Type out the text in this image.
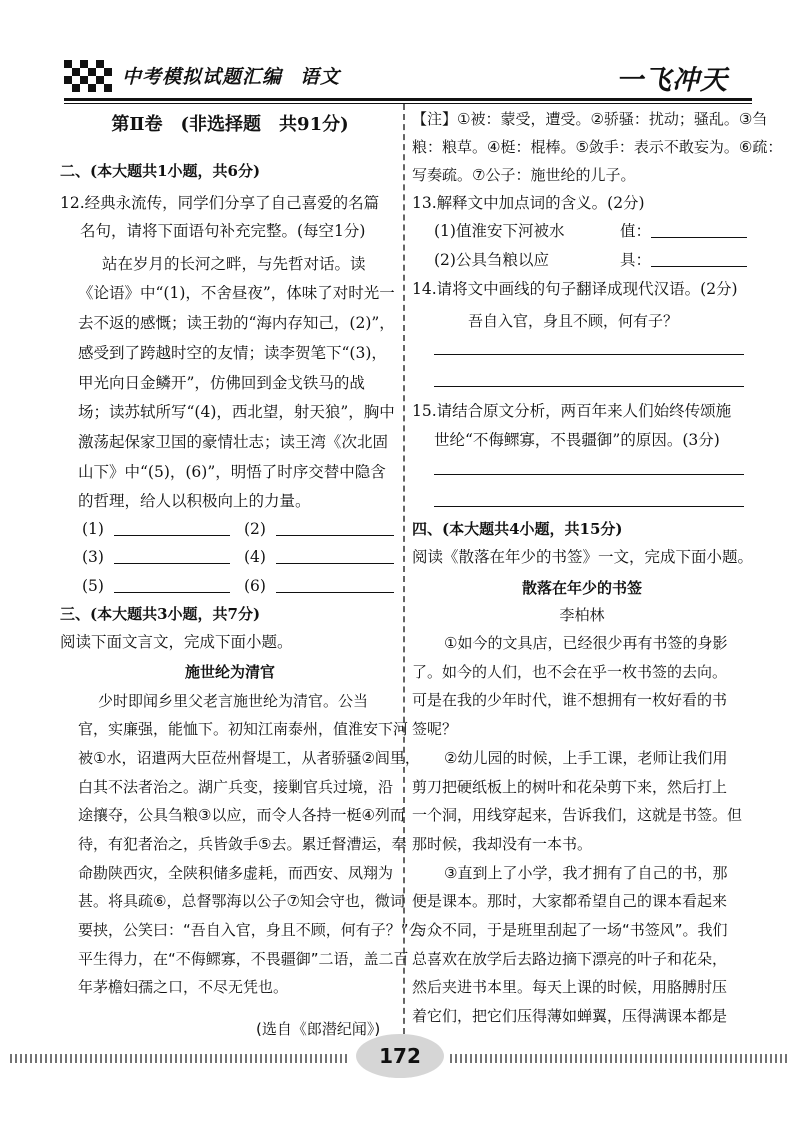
中考模拟试题汇编 语文	一飞冲天
第Ⅱ卷　(非选择题　共91分)
二、(本大题共1小题，共6分)
12.经典永流传，同学们分享了自己喜爱的名篇
名句，请将下面语句补充完整。(每空1分)
站在岁月的长河之畔，与先哲对话。读
《论语》中“(1)，不舍昼夜”，体味了对时光一
去不返的感慨；读王勃的“海内存知己，(2)”，
感受到了跨越时空的友情；读李贺笔下“(3)，
甲光向日金鳞开”，仿佛回到金戈铁马的战
场；读苏轼所写“(4)，西北望，射天狼”，胸中
激荡起保家卫国的豪情壮志；读王湾《次北固
山下》中“(5)，(6)”，明悟了时序交替中隐含
的哲理，给人以积极向上的力量。
(1)	(2)
(3)	(4)
(5)	(6)
三、(本大题共3小题，共7分)
阅读下面文言文，完成下面小题。
施世纶为清官
少时即闻乡里父老言施世纶为清官。公当
官，实廉强，能恤下。初知江南泰州，值淮安下河
被①水，诏遣两大臣莅州督堤工，从者骄骚②闾里，
白其不法者治之。湖广兵变，接剿官兵过境，沿
途攘夺，公具刍粮③以应，而令人各持一梃④列而
待，有犯者治之，兵皆敛手⑤去。累迁督漕运，奉
命勘陕西灾，全陕积储多虚耗，而西安、凤翔为
甚。将具疏⑥，总督鄂海以公子⑦知会守也，微词
要挟，公笑曰：“吾自入官，身且不顾，何有子？”公
平生得力，在“不侮鳏寡，不畏疆御”二语，盖二百
年茅檐妇孺之口，不尽无凭也。
(选自《郎潜纪闻》)
【注】①被：蒙受，遭受。②骄骚：扰动；骚乱。③刍
粮：粮草。④梃：棍棒。⑤敛手：表示不敢妄为。⑥疏：
写奏疏。⑦公子：施世纶的儿子。
13.解释文中加点词的含义。(2分)
(1)值淮安下河被水	值：
(2)公具刍粮以应	具：
14.请将文中画线的句子翻译成现代汉语。(2分)
吾自入官，身且不顾，何有子？
15.请结合原文分析，两百年来人们始终传颂施
世纶“不侮鳏寡，不畏疆御”的原因。(3分)
四、(本大题共4小题，共15分)
阅读《散落在年少的书签》一文，完成下面小题。
散落在年少的书签
李柏林
①如今的文具店，已经很少再有书签的身影
了。如今的人们，也不会在乎一枚书签的去向。
可是在我的少年时代，谁不想拥有一枚好看的书
签呢？
②幼儿园的时候，上手工课，老师让我们用
剪刀把硬纸板上的树叶和花朵剪下来，然后打上
一个洞，用线穿起来，告诉我们，这就是书签。但
那时候，我却没有一本书。
③直到上了小学，我才拥有了自己的书，那
便是课本。那时，大家都希望自己的课本看起来
与众不同，于是班里刮起了一场“书签风”。我们
总喜欢在放学后去路边摘下漂亮的叶子和花朵，
然后夹进书本里。每天上课的时候，用胳膊肘压
着它们，把它们压得薄如蝉翼，压得满课本都是
172
